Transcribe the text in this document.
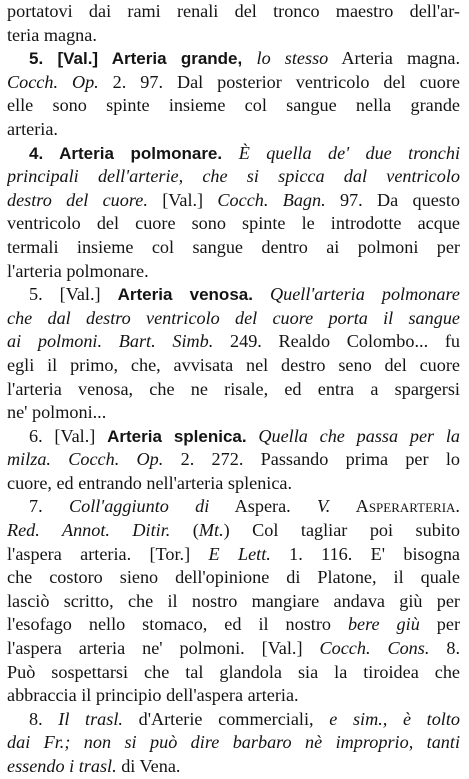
portatovi dai rami renali del tronco maestro dell'ar-
teria magna.
5. [Val.] Arteria grande, lo stesso Arteria magna.
Cocch. Op. 2. 97. Dal posterior ventricolo del cuore
elle sono spinte insieme col sangue nella grande
arteria.
4. Arteria polmonare. È quella de' due tronchi
principali dell'arterie, che si spicca dal ventricolo
destro del cuore. [Val.] Cocch. Bagn. 97. Da questo
ventricolo del cuore sono spinte le introdotte acque
termali insieme col sangue dentro ai polmoni per
l'arteria polmonare.
5. [Val.] Arteria venosa. Quell'arteria polmonare
che dal destro ventricolo del cuore porta il sangue
ai polmoni. Bart. Simb. 249. Realdo Colombo... fu
egli il primo, che, avvisata nel destro seno del cuore
l'arteria venosa, che ne risale, ed entra a spargersi
ne' polmoni...
6. [Val.] Arteria splenica. Quella che passa per la
milza. Cocch. Op. 2. 272. Passando prima per lo
cuore, ed entrando nell'arteria splenica.
7. Coll'aggiunto di Aspera. V. Asperarteria.
Red. Annot. Ditir. (Mt.) Col tagliar poi subito
l'aspera arteria. [Tor.] E Lett. 1. 116. E' bisogna
che costoro sieno dell'opinione di Platone, il quale
lasciò scritto, che il nostro mangiare andava giù per
l'esofago nello stomaco, ed il nostro bere giù per
l'aspera arteria ne' polmoni. [Val.] Cocch. Cons. 8.
Può sospettarsi che tal glandola sia la tiroidea che
abbraccia il principio dell'aspera arteria.
8. Il trasl. d'Arterie commerciali, e sim., è tolto
dai Fr.; non si può dire barbaro nè improprio, tanti
essendo i trasl. di Vena.
